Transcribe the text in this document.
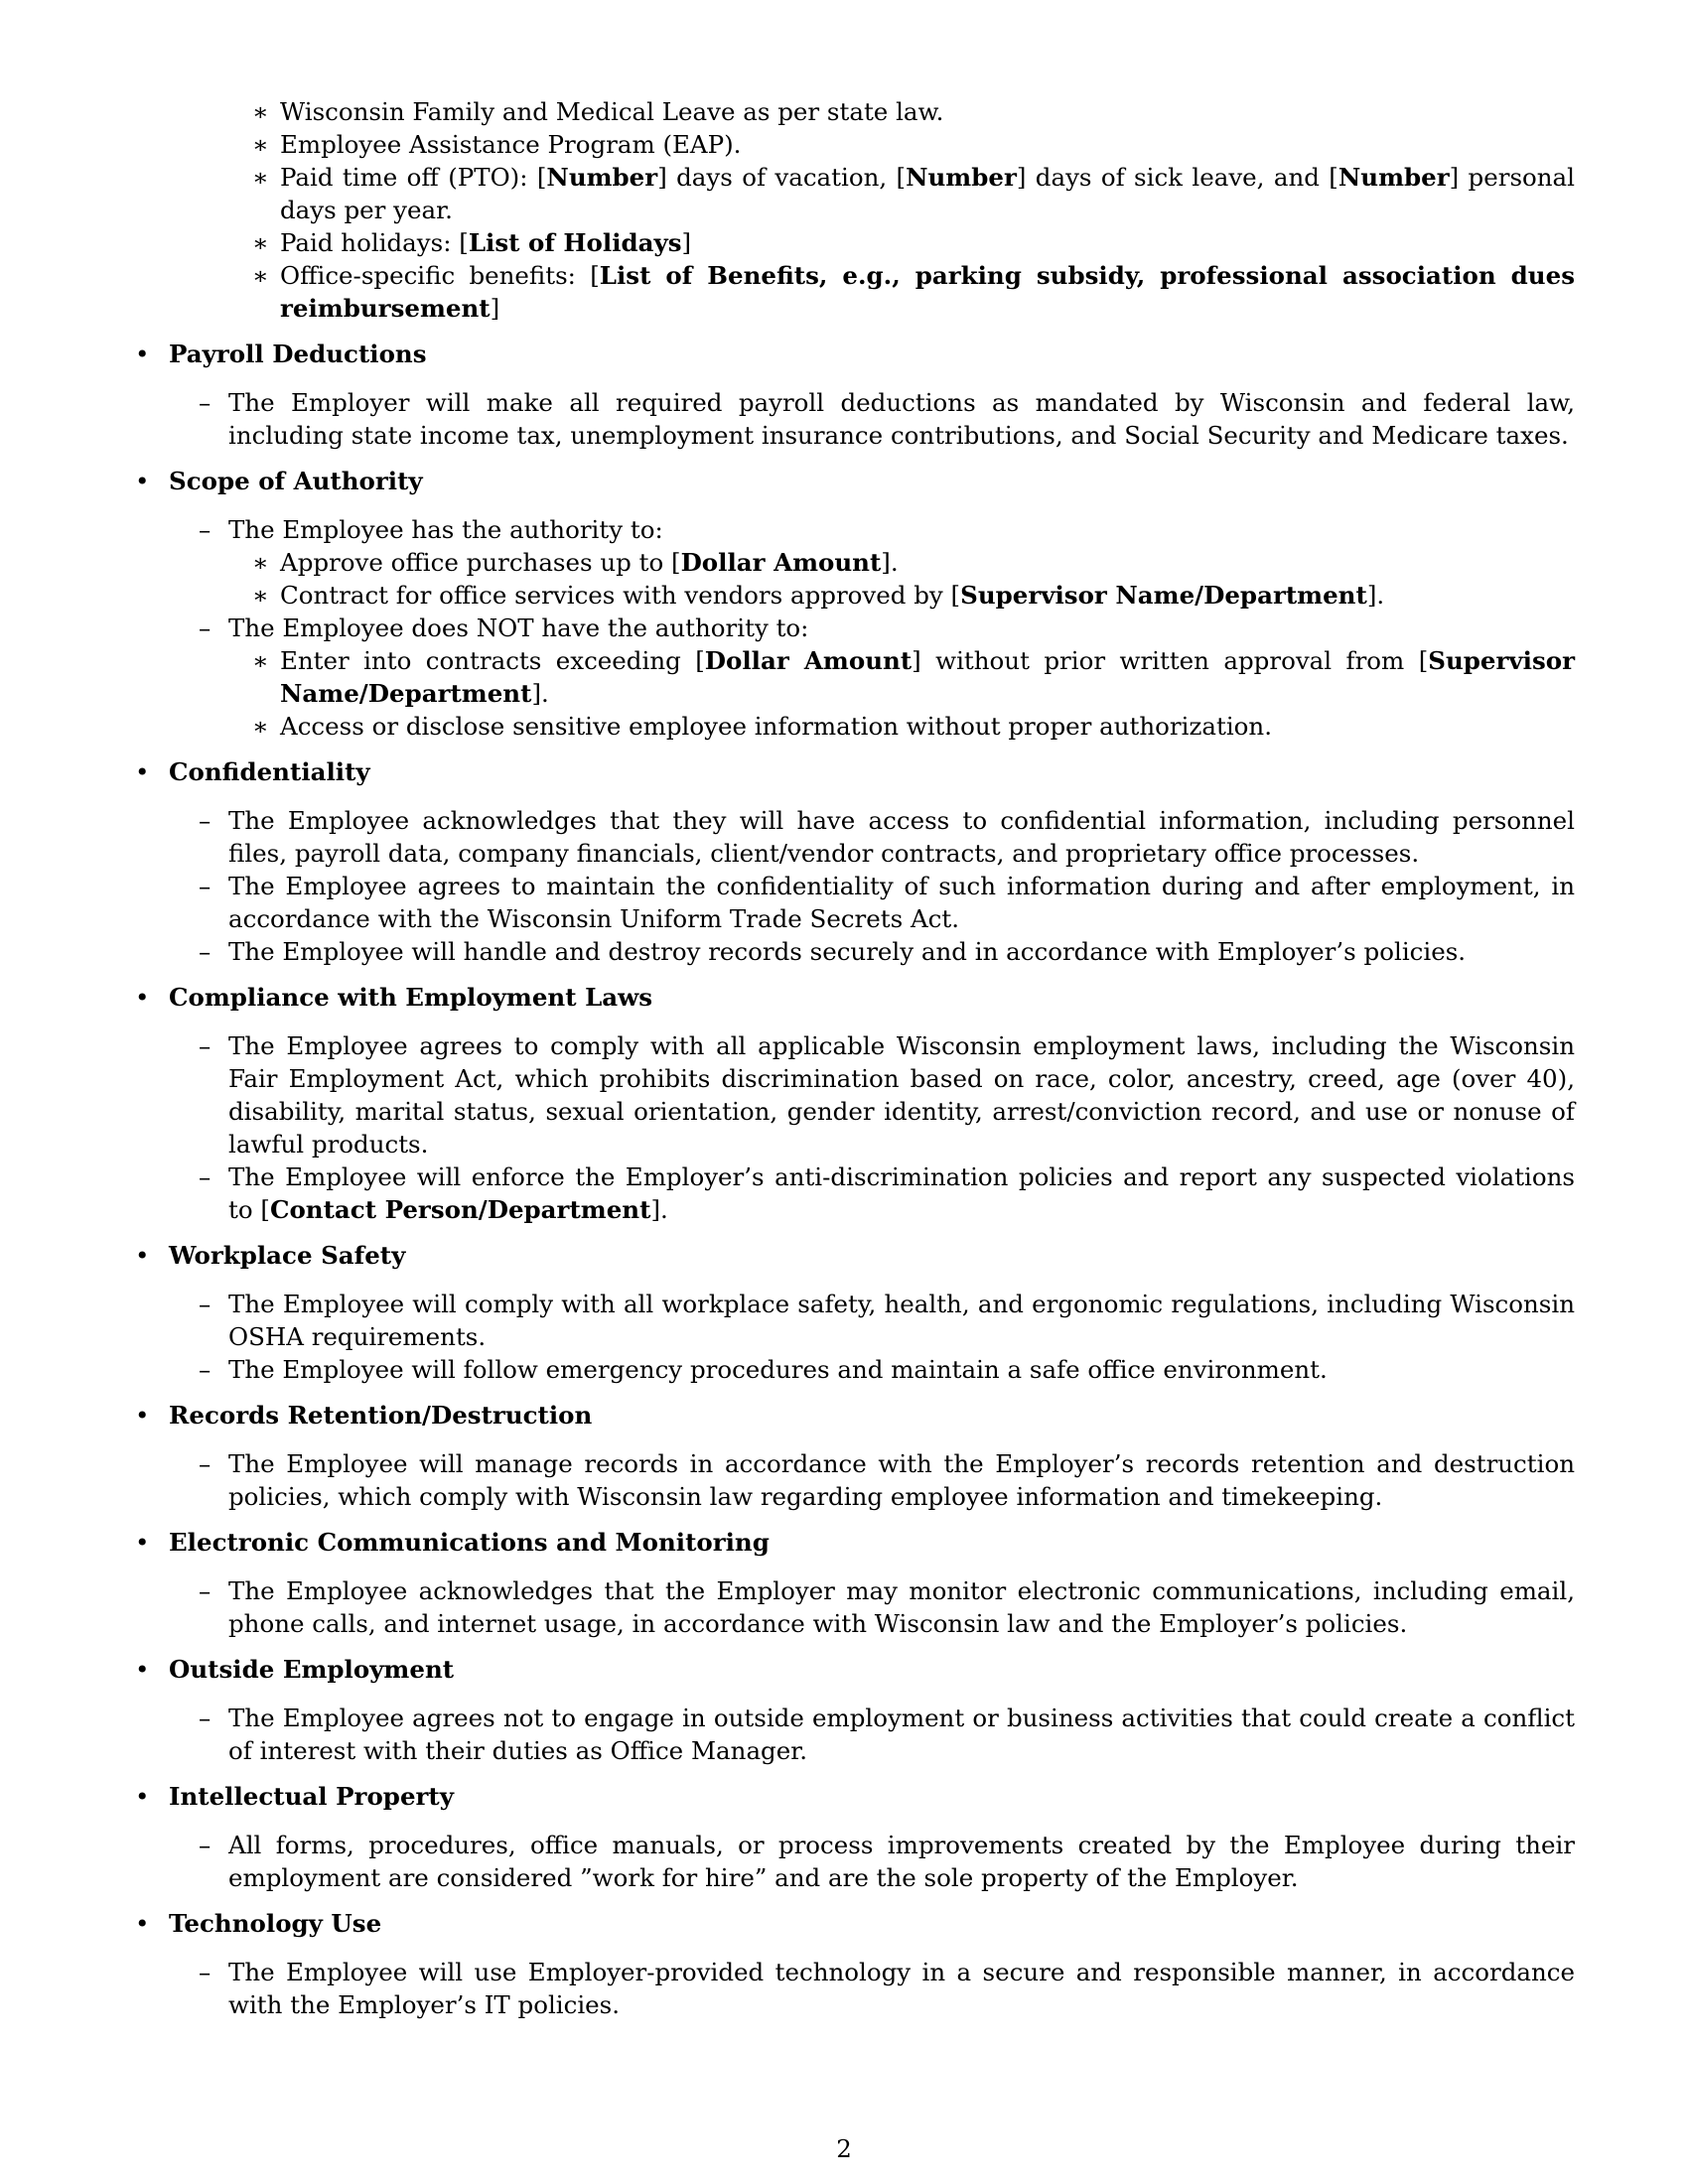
∗ Wisconsin Family and Medical Leave as per state law.
∗ Employee Assistance Program (EAP).
∗ Paid time off (PTO): [Number] days of vacation, [Number] days of sick leave, and [Number] personal days per year.
∗ Paid holidays: [List of Holidays]
∗ Office-specific benefits: [List of Benefits, e.g., parking subsidy, professional association dues reimbursement]
• Payroll Deductions
– The Employer will make all required payroll deductions as mandated by Wisconsin and federal law, including state income tax, unemployment insurance contributions, and Social Security and Medicare taxes.
• Scope of Authority
– The Employee has the authority to:
∗ Approve office purchases up to [Dollar Amount].
∗ Contract for office services with vendors approved by [Supervisor Name/Department].
– The Employee does NOT have the authority to:
∗ Enter into contracts exceeding [Dollar Amount] without prior written approval from [Supervisor Name/Department].
∗ Access or disclose sensitive employee information without proper authorization.
• Confidentiality
– The Employee acknowledges that they will have access to confidential information, including personnel files, payroll data, company financials, client/vendor contracts, and proprietary office processes.
– The Employee agrees to maintain the confidentiality of such information during and after employment, in accordance with the Wisconsin Uniform Trade Secrets Act.
– The Employee will handle and destroy records securely and in accordance with Employer’s policies.
• Compliance with Employment Laws
– The Employee agrees to comply with all applicable Wisconsin employment laws, including the Wisconsin Fair Employment Act, which prohibits discrimination based on race, color, ancestry, creed, age (over 40), disability, marital status, sexual orientation, gender identity, arrest/conviction record, and use or nonuse of lawful products.
– The Employee will enforce the Employer’s anti-discrimination policies and report any suspected violations to [Contact Person/Department].
• Workplace Safety
– The Employee will comply with all workplace safety, health, and ergonomic regulations, including Wisconsin OSHA requirements.
– The Employee will follow emergency procedures and maintain a safe office environment.
• Records Retention/Destruction
– The Employee will manage records in accordance with the Employer’s records retention and destruction policies, which comply with Wisconsin law regarding employee information and timekeeping.
• Electronic Communications and Monitoring
– The Employee acknowledges that the Employer may monitor electronic communications, including email, phone calls, and internet usage, in accordance with Wisconsin law and the Employer’s policies.
• Outside Employment
– The Employee agrees not to engage in outside employment or business activities that could create a conflict of interest with their duties as Office Manager.
• Intellectual Property
– All forms, procedures, office manuals, or process improvements created by the Employee during their employment are considered ”work for hire” and are the sole property of the Employer.
• Technology Use
– The Employee will use Employer-provided technology in a secure and responsible manner, in accordance with the Employer’s IT policies.
2
